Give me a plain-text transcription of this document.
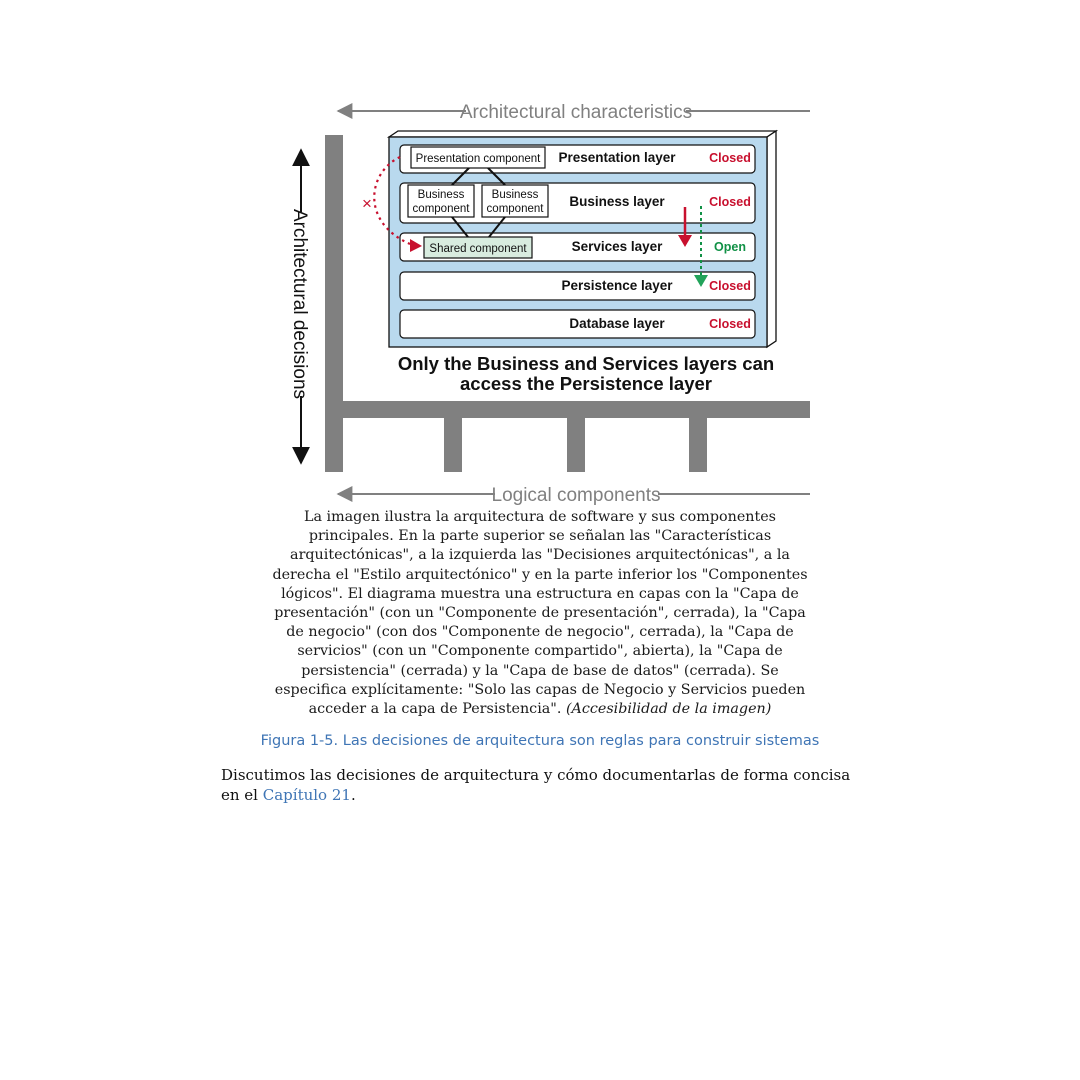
Architectural characteristics
Architectural decisions
Presentation layer
Business layer
Services layer
Persistence layer
Database layer
Closed
Closed
Open
Closed
Closed
Presentation component
Business
component
Business
component
Shared component
×
Only the Business and Services layers can
access the Persistence layer
Logical components
La imagen ilustra la arquitectura de software y sus componentes principales. En la parte superior se señalan las "Características arquitectónicas", a la izquierda las "Decisiones arquitectónicas", a la derecha el "Estilo arquitectónico" y en la parte inferior los "Componentes lógicos". El diagrama muestra una estructura en capas con la "Capa de presentación" (con un "Componente de presentación", cerrada), la "Capa de negocio" (con dos "Componente de negocio", cerrada), la "Capa de servicios" (con un "Componente compartido", abierta), la "Capa de persistencia" (cerrada) y la "Capa de base de datos" (cerrada). Se especifica explícitamente: "Solo las capas de Negocio y Servicios pueden acceder a la capa de Persistencia". (Accesibilidad de la imagen)
Figura 1-5. Las decisiones de arquitectura son reglas para construir sistemas
Discutimos las decisiones de arquitectura y cómo documentarlas de forma concisa en el Capítulo 21.
